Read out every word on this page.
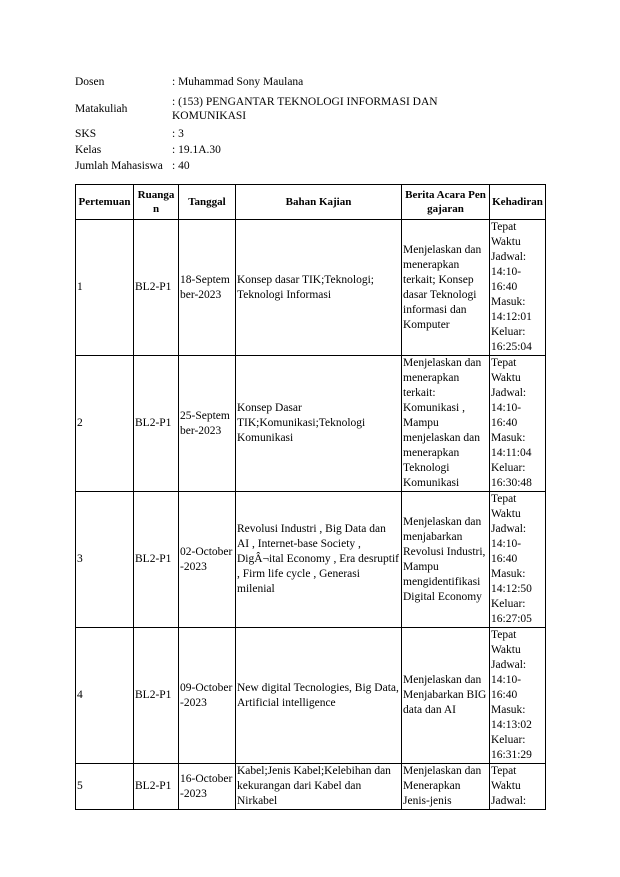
Dosen	: Muhammad Sony Maulana
Matakuliah	: (153) PENGANTAR TEKNOLOGI INFORMASI DAN KOMUNIKASI
SKS	: 3
Kelas	: 19.1A.30
Jumlah Mahasiswa	: 40
Pertemuan	Ruangan	Tanggal	Bahan Kajian	Berita Acara Pengajaran	Kehadiran
1	BL2-P1	18-September-2023	Konsep dasar TIK;Teknologi; Teknologi Informasi	Menjelaskan dan menerapkan terkait; Konsep dasar Teknologi informasi dan Komputer	Tepat Waktu Jadwal: 14:10-16:40 Masuk: 14:12:01 Keluar: 16:25:04
2	BL2-P1	25-September-2023	Konsep Dasar TIK;Komunikasi;Teknologi Komunikasi	Menjelaskan dan menerapkan terkait: Komunikasi , Mampu menjelaskan dan menerapkan Teknologi Komunikasi	Tepat Waktu Jadwal: 14:10-16:40 Masuk: 14:11:04 Keluar: 16:30:48
3	BL2-P1	02-October-2023	Revolusi Industri , Big Data dan AI , Internet-base Society , DigÂ¬ital Economy , Era desruptif , Firm life cycle , Generasi milenial	Menjelaskan dan menjabarkan Revolusi Industri, Mampu mengidentifikasi Digital Economy	Tepat Waktu Jadwal: 14:10-16:40 Masuk: 14:12:50 Keluar: 16:27:05
4	BL2-P1	09-October-2023	New digital Tecnologies, Big Data, Artificial intelligence	Menjelaskan dan Menjabarkan BIG data dan AI	Tepat Waktu Jadwal: 14:10-16:40 Masuk: 14:13:02 Keluar: 16:31:29
5	BL2-P1	16-October-2023	Kabel;Jenis Kabel;Kelebihan dan kekurangan dari Kabel dan Nirkabel	Menjelaskan dan Menerapkan Jenis-jenis	Tepat Waktu Jadwal:
